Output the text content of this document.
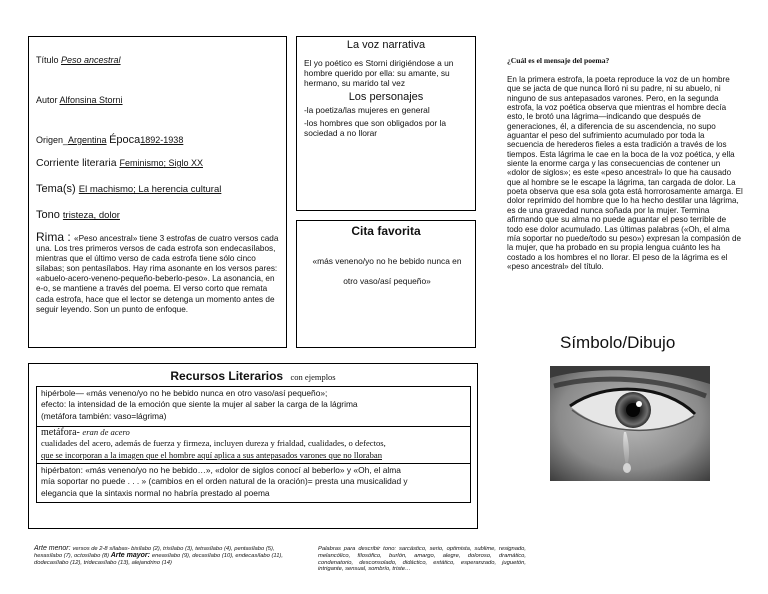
Título Peso ancestral
Autor Alfonsina Storni
Origen_Argentina Época1892-1938
Corriente literaria Feminismo; Siglo XX
Tema(s) El machismo; La herencia cultural
Tono tristeza, dolor
Rima : «Peso ancestral» tiene 3 estrofas de cuatro versos cada una. Los tres primeros versos de cada estrofa son endecasílabos, mientras que el último verso de cada estrofa tiene sólo cinco sílabas; son pentasílabos. Hay rima asonante en los versos pares: «abuelo-acero-veneno-pequeño-beberlo-peso». La asonancia, en e-o, se mantiene a través del poema. El verso corto que remata cada estrofa, hace que el lector se detenga un momento antes de seguir leyendo. Son un punto de enfoque.
La voz narrativa
El yo poético es Storni dirigiéndose a un hombre querido por ella: su amante, su hermano, su marido tal vez
Los personajes
-la poetiza/las mujeres en general
-los hombres que son obligados por la sociedad a no llorar
Cita favorita
«más veneno/yo no he bebido nunca en otro vaso/así pequeño»
Recursos Literarios con ejemplos
hipérbole— «más veneno/yo no he bebido nunca en otro vaso/así pequeño»;
efecto: la intensidad de la emoción que siente la mujer al saber la carga de la lágrima
(metáfora también: vaso=lágrima)
metáfora- eran de acero
cualidades del acero, además de fuerza y firmeza, incluyen dureza y frialdad, cualidades, o defectos,
que se incorporan a la imagen que el hombre aquí aplica a sus antepasados varones que no lloraban
hipérbaton: «más veneno/yo no he bebido…», «dolor de siglos conocí al beberlo» y «Oh, el alma
mía soportar no puede . . . » (cambios en el orden natural de la oración)= presta una musicalidad y
elegancia que la sintaxis normal no habría prestado al poema
¿Cuál es el mensaje del poema?
En la primera estrofa, la poeta reproduce la voz de un hombre que se jacta de que nunca lloró ni su padre, ni su abuelo, ni ninguno de sus antepasados varones. Pero, en la segunda estrofa, la voz poética observa que mientras el hombre decía esto, le brotó una lágrima—indicando que después de generaciones, él, a diferencia de su ascendencia, no supo aguantar el peso del sufrimiento acumulado por toda la secuencia de herederos fieles a esta tradición a través de los tiempos. Esta lágrima le cae en la boca de la voz poética, y ella siente la enorme carga y las consecuencias de contener un «dolor de siglos»; es este «peso ancestral» lo que ha causado que al hombre se le escape la lágrima, tan cargada de dolor. La poeta observa que esa sola gota está horrorosamente amarga. El dolor reprimido del hombre que lo ha hecho destilar una lágrima, es de una gravedad nunca soñada por la mujer. Termina afirmando que su alma no puede aguantar el peso terrible de todo ese dolor acumulado. Las últimas palabras («Oh, el alma mía soportar no puede/todo su peso») expresan la compasión de la mujer, que ha probado en su propia lengua cuánto les ha costado a los hombres el no llorar. El peso de la lágrima es el «peso ancestral» del título.
Símbolo/Dibujo
Arte menor: versos de 2-8 sílabas- bisílabo (2), trisílabo (3), tetrasílabo (4), pentasílabo (5), hexasílabo (7), octosílabo (8) Arte mayor: eneasílabo (9), decasílabo (10), endecasílabo (11), dodecasílabo (12), tridecasílabo (13), alejandrino (14)
Palabras para describir tono: sarcástico, serio, optimista, sublime, resignado, melancólico, filosófico, burlón, amargo, alegre, doloroso, dramático, condenatorio, desconsolado, didáctico, extático, esperanzado, juguetón, intrigante, sensual, sombrío, triste…
